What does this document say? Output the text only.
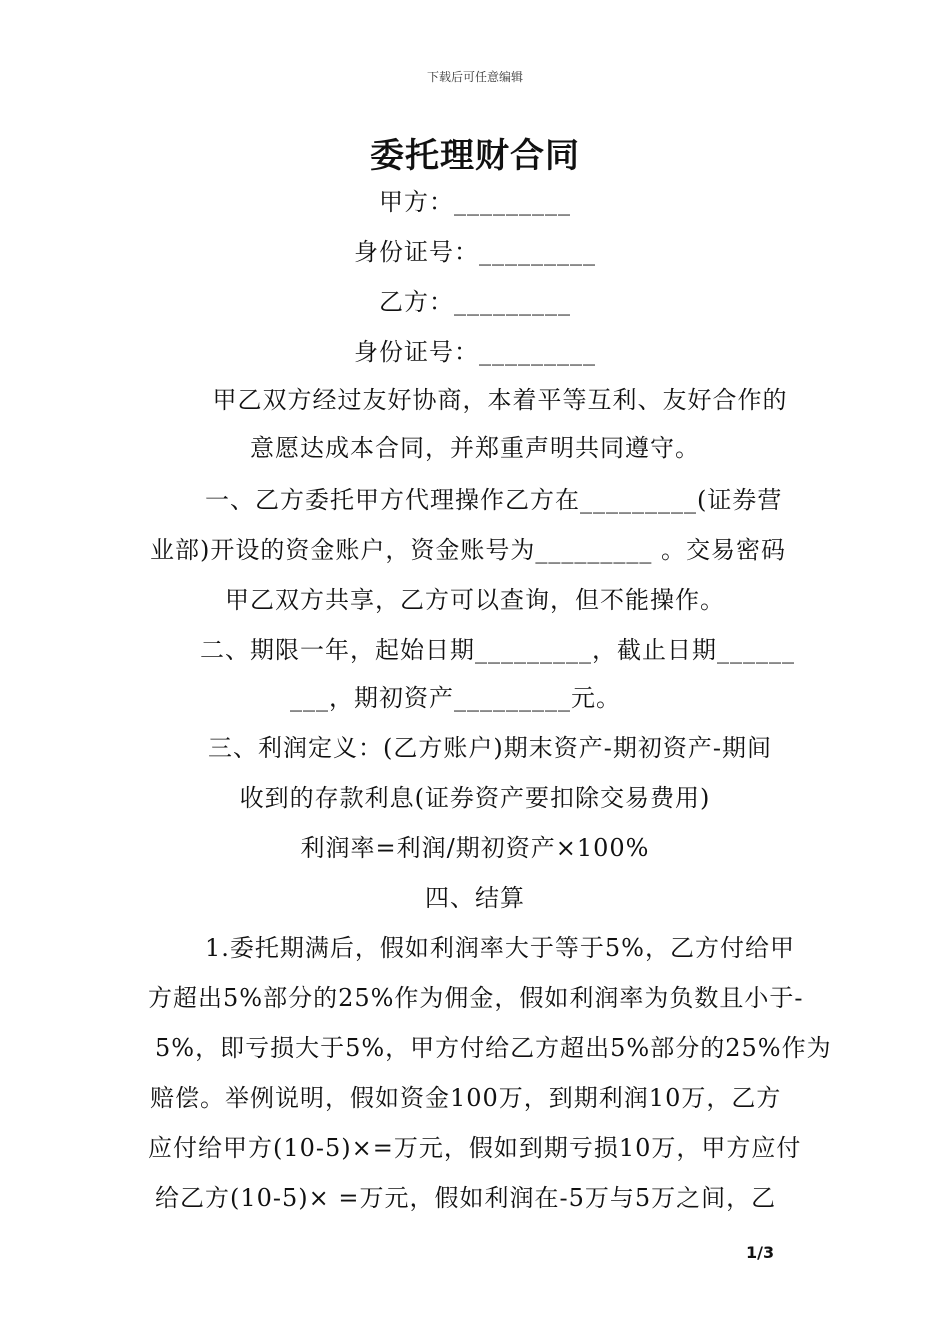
下载后可任意编辑
委托理财合同
甲方：_________
身份证号：_________
乙方：_________
身份证号：_________
甲乙双方经过友好协商，本着平等互利、友好合作的
意愿达成本合同，并郑重声明共同遵守。
一、乙方委托甲方代理操作乙方在_________(证券营
业部)开设的资金账户，资金账号为_________ 。交易密码
甲乙双方共享，乙方可以查询，但不能操作。
二、期限一年，起始日期_________，截止日期______
___，期初资产_________元。
三、利润定义：(乙方账户)期末资产-期初资产-期间
收到的存款利息(证券资产要扣除交易费用)
利润率=利润/期初资产×100%
四、结算
1.委托期满后，假如利润率大于等于5%，乙方付给甲
方超出5%部分的25%作为佣金，假如利润率为负数且小于-
5%，即亏损大于5%，甲方付给乙方超出5%部分的25%作为
赔偿。举例说明，假如资金100万，到期利润10万，乙方
应付给甲方(10-5)×=万元，假如到期亏损10万，甲方应付
给乙方(10-5)× =万元，假如利润在-5万与5万之间，乙
1/3
